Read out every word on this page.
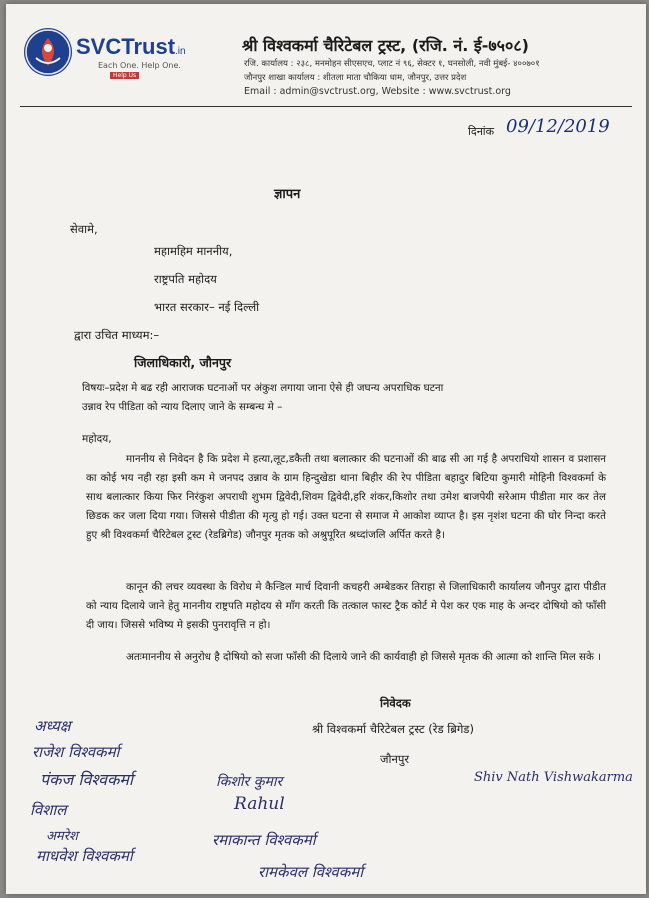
SVCTrust.in
Each One. Help One.
Help Us
श्री विश्वकर्मा चैरिटेबल ट्रस्ट, (रजि. नं. ई-७५०८)
रजि. कार्यालय : २३८, मनमोहन सीएसएच, प्लाट नं ९६, सेक्टर १, घनसोली, नवी मुंबई- ४००७०१
जौनपुर शाखा कार्यालय : शीतला माता चौकिया धाम, जौनपुर, उत्तर प्रदेश
Email : admin@svctrust.org, Website : www.svctrust.org
दिनांक 09/12/2019
ज्ञापन
सेवामे,
महामहिम माननीय,
राष्ट्रपति महोदय
भारत सरकार– नई दिल्ली
द्वारा उचित माध्यम:–
जिलाधिकारी, जौनपुर
विषयः–प्रदेश मे बढ रही आराजक घटनाओं पर अंकुश लगाया जाना ऐसे ही जघन्य अपराधिक घटना
उन्नाव रेप पीडिता को न्याय दिलाए जाने के सम्बन्ध मे –
महोदय,
माननीय से निवेदन है कि प्रदेश मे हत्या,लूट,डकैती तथा बलात्कार की घटनाओं की बाढ सी आ गई है अपराधियो शासन व प्रशासन का कोई भय नही रहा इसी कम मे जनपद उन्नाव के ग्राम हिन्दुखेडा थाना बिहीर की रेप पीडिता बहादुर बिटिया कुमारी मोहिनी विश्वकर्मा के साथ बलात्कार किया फिर निरंकुश अपराधी शुभम द्विवेदी,शिवम द्विवेदी,हरि शंकर,किशोर तथा उमेश बाजपेयी सरेआम पीडीता मार कर तेल छिडक कर जला दिया गया। जिससे पीडीता की मृत्यु हो गई। उक्त घटना से समाज मे आकोश व्याप्त है। इस नृशंश घटना की घोर निन्दा करते हुए श्री विश्वकर्मा चैरिटेबल ट्रस्ट (रेडब्रिगेड) जौनपुर मृतक को अश्रुपूरित श्रध्दांजलि अर्पित करते है।
कानून की लचर व्यवस्था के विरोध मे कैन्डिल मार्च दिवानी कचहरी अम्बेडकर तिराहा से जिलाधिकारी कार्यालय जौनपुर द्वारा पीडीत को न्याय दिलाये जाने हेतु माननीय राष्ट्रपति महोदय से माँग करती कि तत्काल फास्ट ट्रैक कोर्ट मे पेश कर एक माह के अन्दर दोषियो को फाँसी दी जाय। जिससे भविष्य मे इसकी पुनरावृत्ति न हो।
अतःमाननीय से अनुरोध है दोषियो को सजा फाँसी की दिलाये जाने की कार्यवाही हो जिससे मृतक की आत्मा को शान्ति मिल सके ।
निवेदक
श्री विश्वकर्मा चैरिटेबल ट्रस्ट (रेड ब्रिगेड)
जौनपुर
अध्यक्ष
राजेश विश्वकर्मा
पंकज विश्वकर्मा
विशाल
किशोर कुमार
Rahul
Shiv Nath Vishwakarma
अमरेश
माधवेश विश्वकर्मा
रमाकान्त विश्वकर्मा
रामकेवल विश्वकर्मा
